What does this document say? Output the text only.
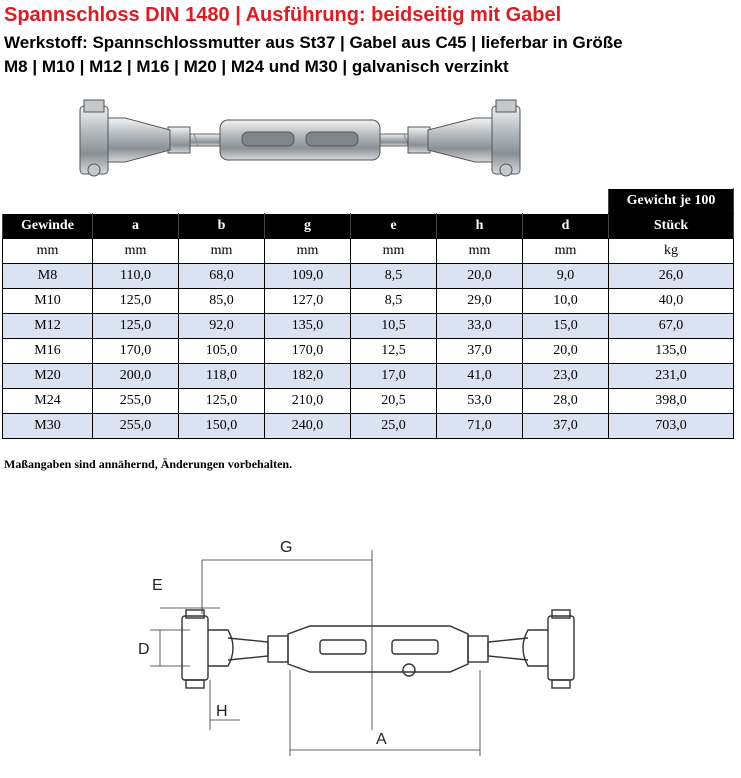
Spannschloss DIN 1480 | Ausführung: beidseitig mit Gabel
Werkstoff: Spannschlossmutter aus St37 | Gabel aus C45 | lieferbar in Größe
M8 | M10 | M12 | M16 | M20 | M24 und M30 | galvanisch verzinkt
							Gewicht je 100
Gewinde	a	b	g	e	h	d	Stück
mm	mm	mm	mm	mm	mm	mm	kg
M8	110,0	68,0	109,0	8,5	20,0	9,0	26,0
M10	125,0	85,0	127,0	8,5	29,0	10,0	40,0
M12	125,0	92,0	135,0	10,5	33,0	15,0	67,0
M16	170,0	105,0	170,0	12,5	37,0	20,0	135,0
M20	200,0	118,0	182,0	17,0	41,0	23,0	231,0
M24	255,0	125,0	210,0	20,5	53,0	28,0	398,0
M30	255,0	150,0	240,0	25,0	71,0	37,0	703,0
Maßangaben sind annähernd, Änderungen vorbehalten.
G
E
D
H
A
